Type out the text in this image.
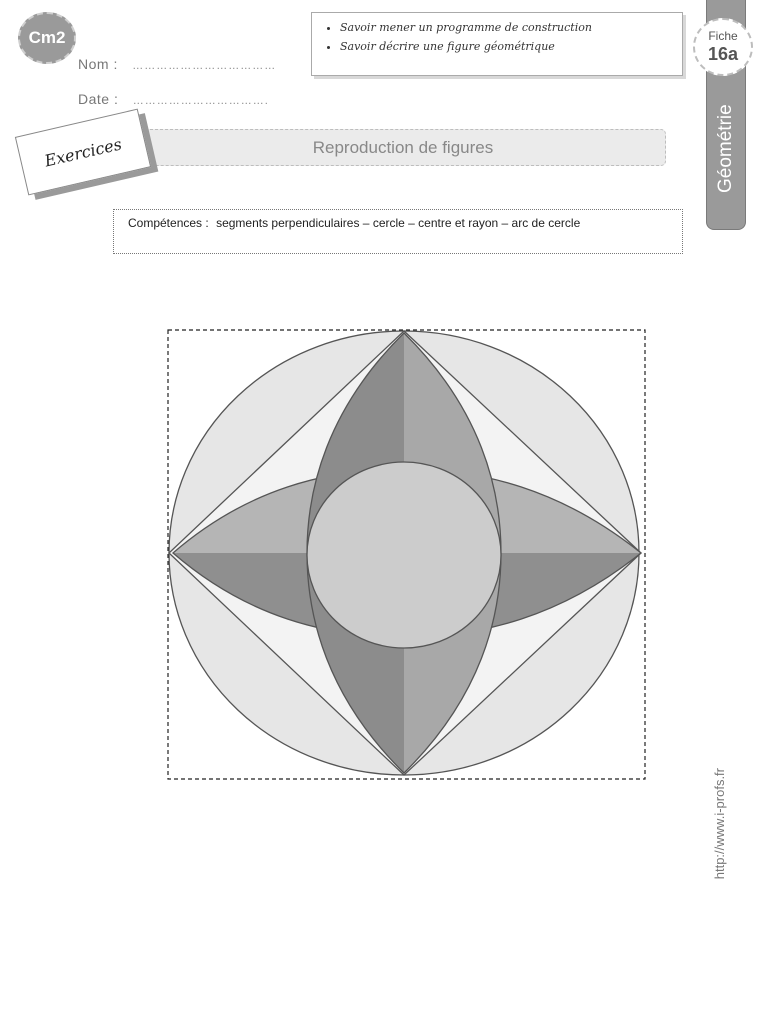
Cm2
Nom : ………………………………
Date : …………………………….
• Savoir mener un programme de construction
• Savoir décrire une figure géométrique
Géométrie
Fiche
16a
Reproduction de figures
Exercices
Compétences : segments perpendiculaires – cercle – centre et rayon – arc de cercle
http://www.i-profs.fr
